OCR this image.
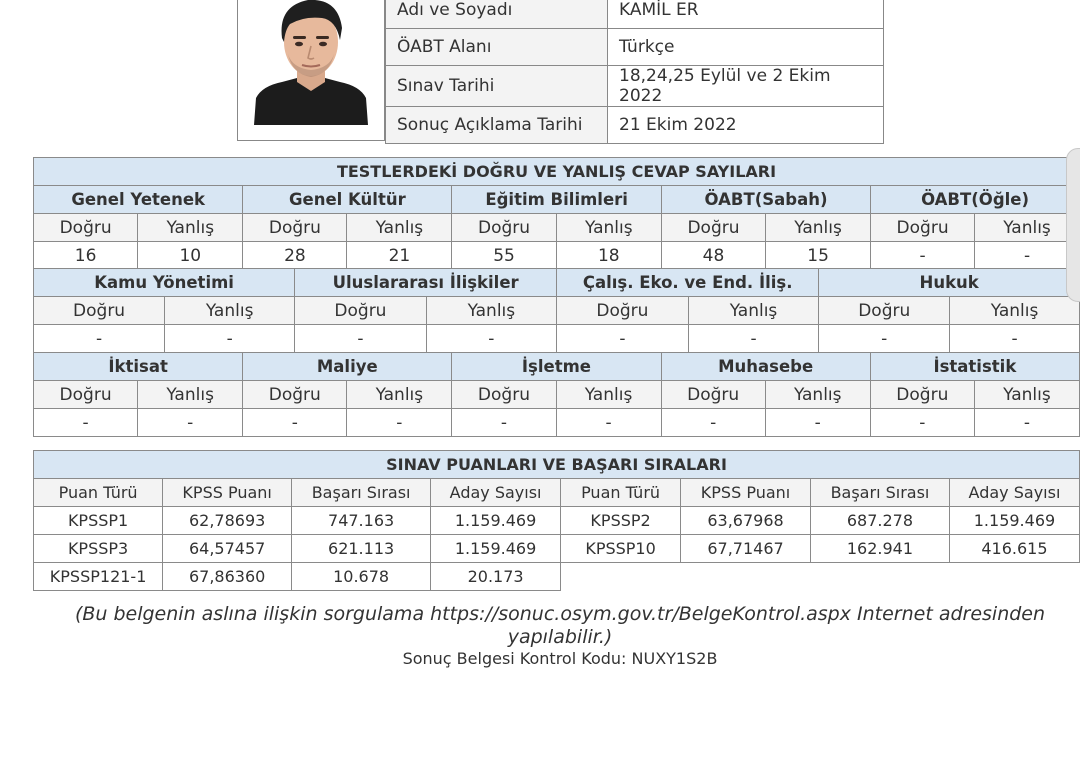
Adı ve Soyadı	KAMİL ER
ÖABT Alanı	Türkçe
Sınav Tarihi	18,24,25 Eylül ve 2 Ekim 2022
Sonuç Açıklama Tarihi	21 Ekim 2022
TESTLERDEKİ DOĞRU VE YANLIŞ CEVAP SAYILARI									
Genel Yetenek		Genel Kültür		Eğitim Bilimleri		ÖABT(Sabah)		ÖABT(Öğle)	
Doğru	Yanlış	Doğru	Yanlış	Doğru	Yanlış	Doğru	Yanlış	Doğru	Yanlış
16	10	28	21	55	18	48	15	-	-
Kamu Yönetimi		Uluslararası İlişkiler		Çalış. Eko. ve End. İliş.		Hukuk	
Doğru	Yanlış	Doğru	Yanlış	Doğru	Yanlış	Doğru	Yanlış
-	-	-	-	-	-	-	-
İktisat		Maliye		İşletme		Muhasebe		İstatistik	
Doğru	Yanlış	Doğru	Yanlış	Doğru	Yanlış	Doğru	Yanlış	Doğru	Yanlış
-	-	-	-	-	-	-	-	-	-
SINAV PUANLARI VE BAŞARI SIRALARI							
Puan Türü	KPSS Puanı	Başarı Sırası	Aday Sayısı	Puan Türü	KPSS Puanı	Başarı Sırası	Aday Sayısı
KPSSP1	62,78693	747.163	1.159.469	KPSSP2	63,67968	687.278	1.159.469
KPSSP3	64,57457	621.113	1.159.469	KPSSP10	67,71467	162.941	416.615
KPSSP121-1	67,86360	10.678	20.173				
(Bu belgenin aslına ilişkin sorgulama https://sonuc.osym.gov.tr/BelgeKontrol.aspx Internet adresinden
yapılabilir.)
Sonuç Belgesi Kontrol Kodu: NUXY1S2B
